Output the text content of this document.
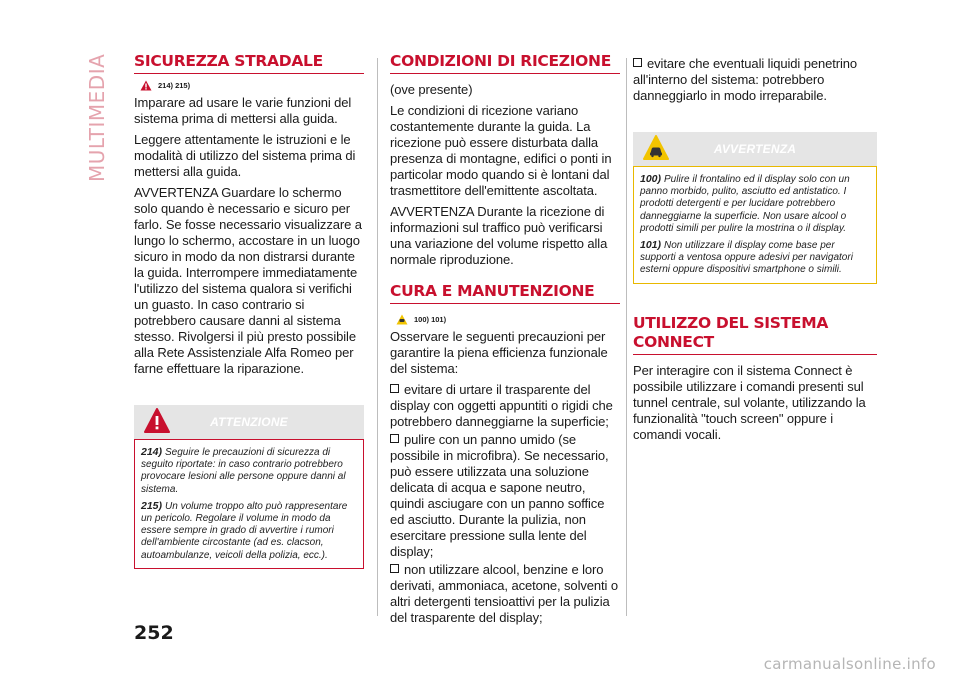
MULTIMEDIA SICUREZZA STRADALE
214) 215)

Imparare ad usare le varie funzioni del sistema prima di mettersi alla guida.

Leggere attentamente le istruzioni e le modalità di utilizzo del sistema prima di mettersi alla guida.

AVVERTENZA Guardare lo schermo solo quando è necessario e sicuro per farlo. Se fosse necessario visualizzare a lungo lo schermo, accostare in un luogo sicuro in modo da non distrarsi durante la guida. Interrompere immediatamente l'utilizzo del sistema qualora si verifichi un guasto. In caso contrario si potrebbero causare danni al sistema stesso. Rivolgersi il più presto possibile alla Rete Assistenziale Alfa Romeo per farne effettuare la riparazione.

ATTENZIONE
214) Seguire le precauzioni di sicurezza di seguito riportate: in caso contrario potrebbero provocare lesioni alle persone oppure danni al sistema.
215) Un volume troppo alto può rappresentare un pericolo. Regolare il volume in modo da essere sempre in grado di avvertire i rumori dell'ambiente circostante (ad es. clacson, autoambulanze, veicoli della polizia, ecc.).
CONDIZIONI DI RICEZIONE

(ove presente)

Le condizioni di ricezione variano costantemente durante la guida. La ricezione può essere disturbata dalla presenza di montagne, edifici o ponti in particolar modo quando si è lontani dal trasmettitore dell'emittente ascoltata.

AVVERTENZA Durante la ricezione di informazioni sul traffico può verificarsi una variazione del volume rispetto alla normale riproduzione.

CURA E MANUTENZIONE
100) 101)

Osservare le seguenti precauzioni per garantire la piena efficienza funzionale del sistema:

evitare di urtare il trasparente del display con oggetti appuntiti o rigidi che potrebbero danneggiarne la superficie;

pulire con un panno umido (se possibile in microfibra). Se necessario, può essere utilizzata una soluzione delicata di acqua e sapone neutro, quindi asciugare con un panno soffice ed asciutto. Durante la pulizia, non esercitare pressione sulla lente del display;

non utilizzare alcool, benzine e loro derivati, ammoniaca, acetone, solventi o altri detergenti tensioattivi per la pulizia del trasparente del display;

evitare che eventuali liquidi penetrino all'interno del sistema: potrebbero danneggiarlo in modo irreparabile.

AVVERTENZA
100) Pulire il frontalino ed il display solo con un panno morbido, pulito, asciutto ed antistatico. I prodotti detergenti e per lucidare potrebbero danneggiarne la superficie. Non usare alcool o prodotti simili per pulire la mostrina o il display.
101) Non utilizzare il display come base per supporti a ventosa oppure adesivi per navigatori esterni oppure dispositivi smartphone o simili.
UTILIZZO DEL SISTEMA CONNECT

Per interagire con il sistema Connect è possibile utilizzare i comandi presenti sul tunnel centrale, sul volante, utilizzando la funzionalità "touch screen" oppure i comandi vocali.

252
carmanualsonline.info
